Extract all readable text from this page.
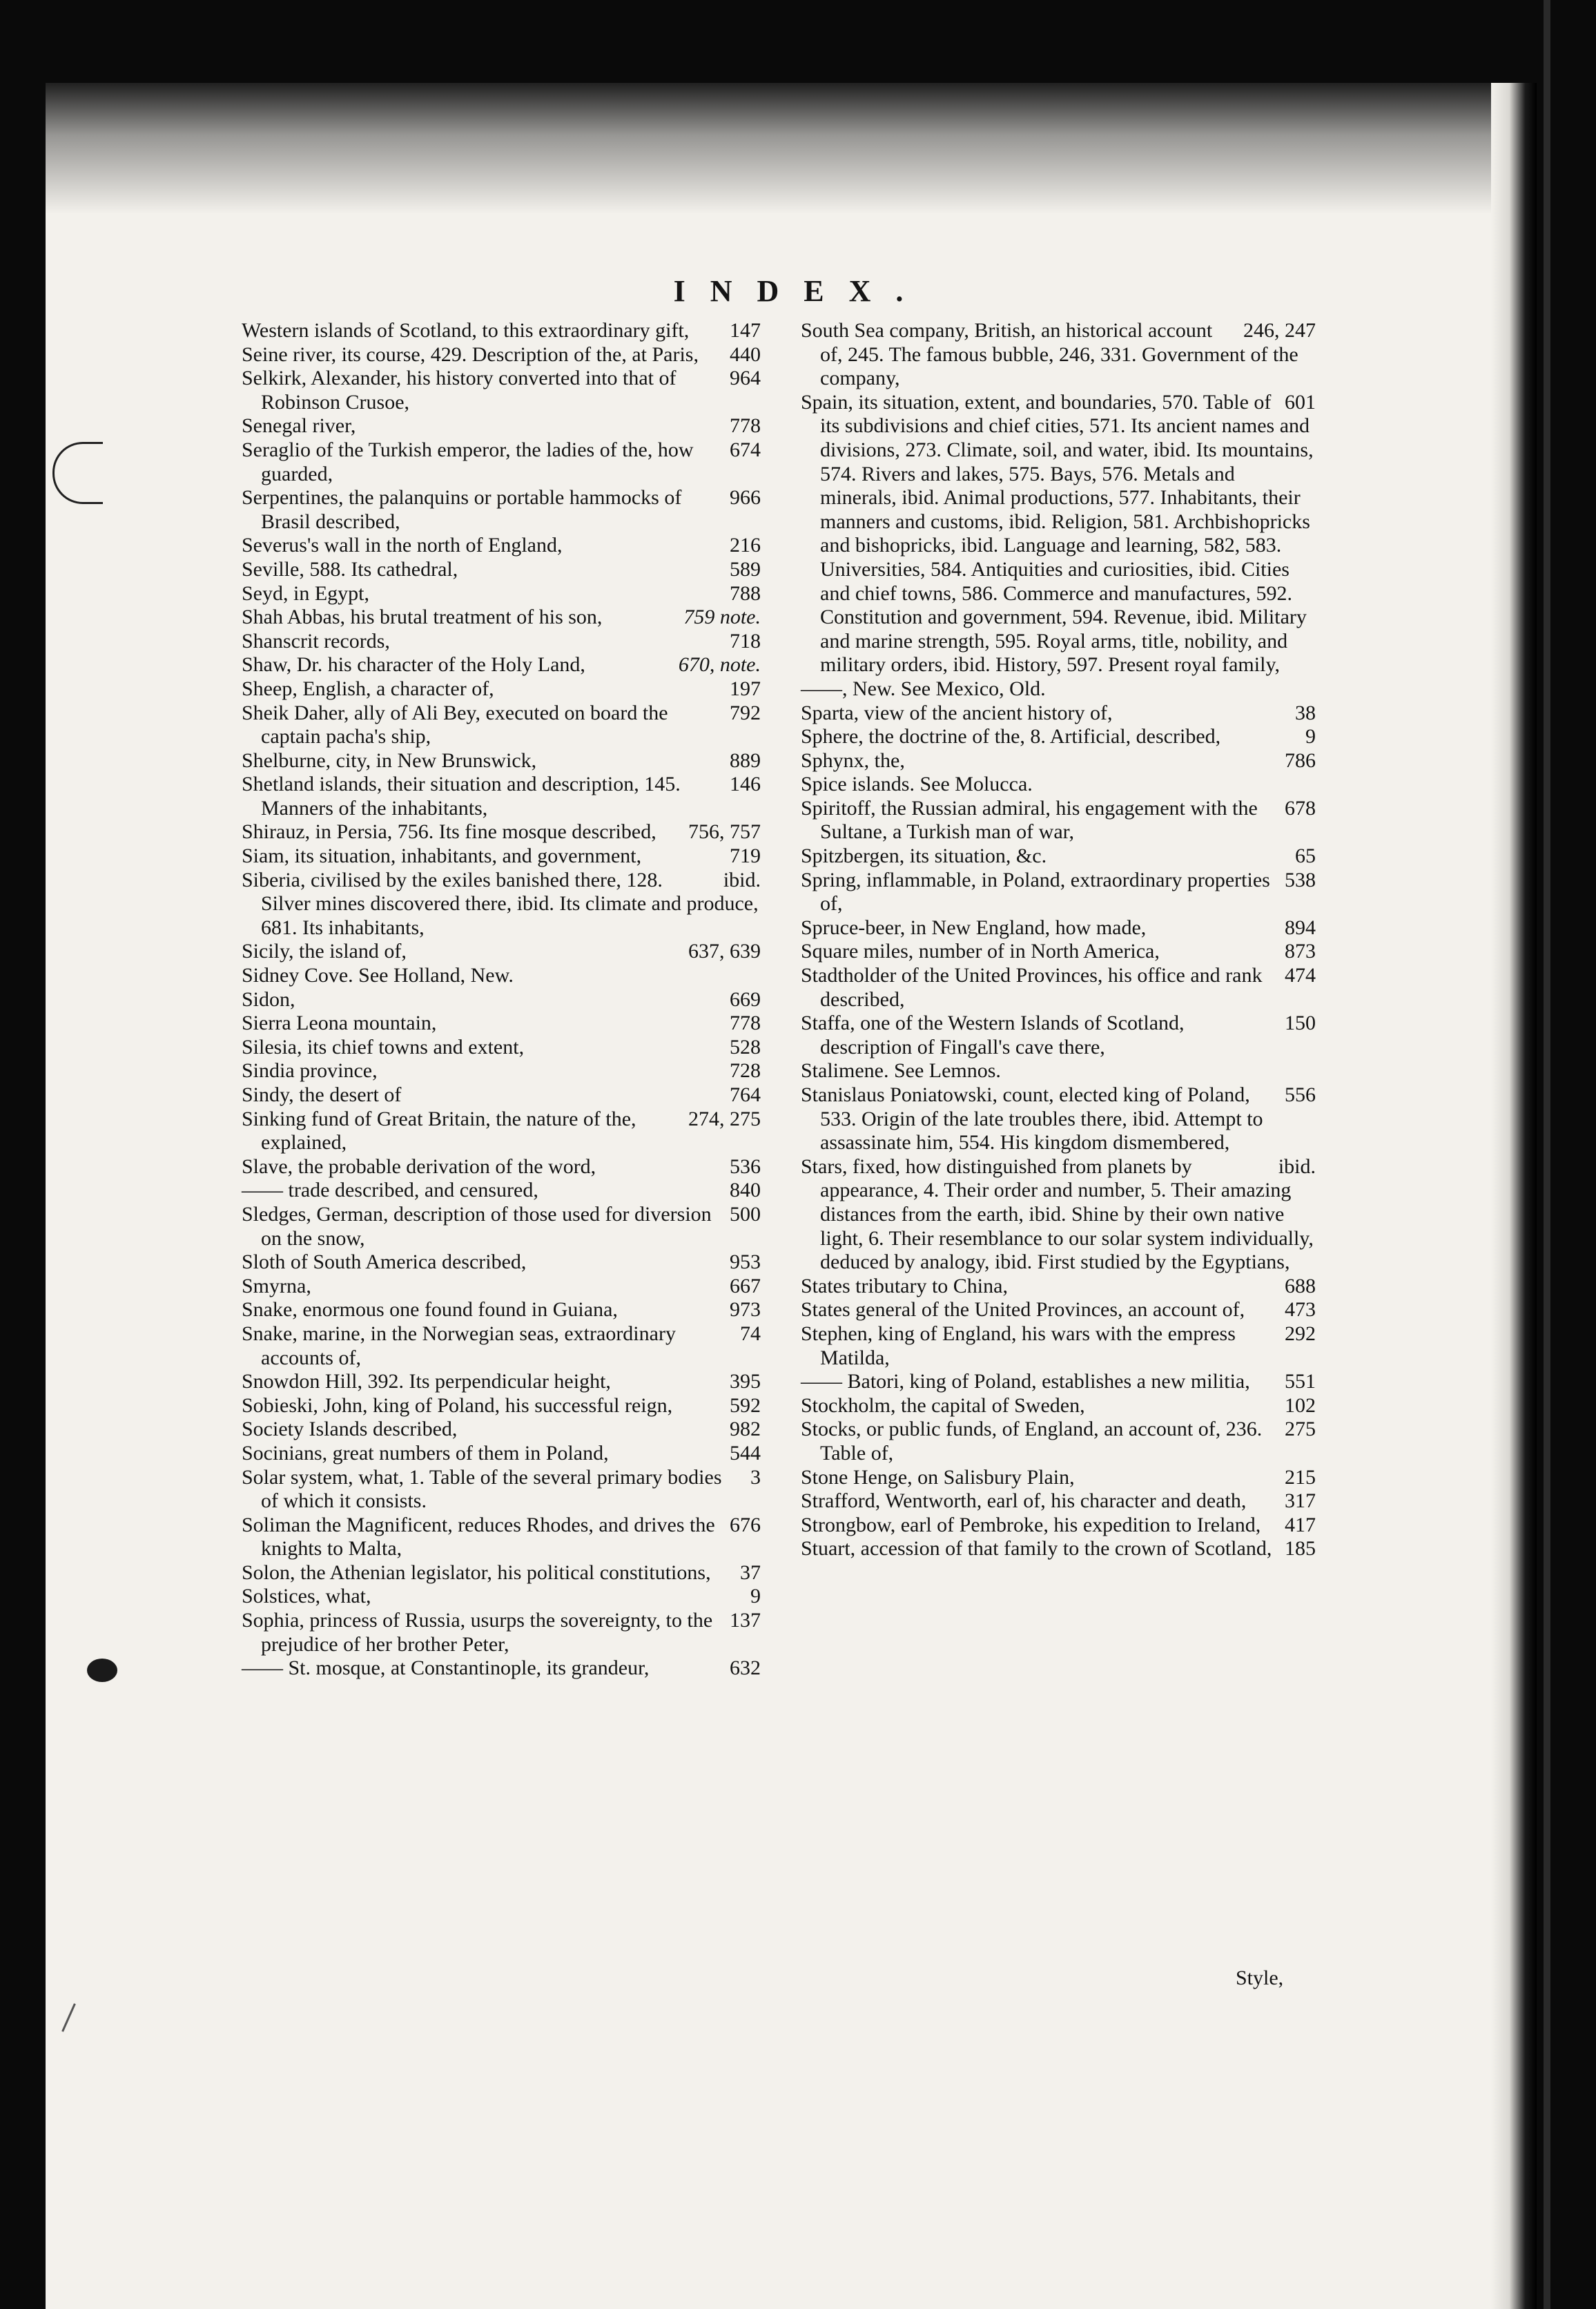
INDEX.

147
Western islands of Scotland, to this extraordinary gift,

440
Seine river, its course, 429. Description of the, at Paris,

964
Selkirk, Alexander, his history converted into that of Robinson Crusoe,

778
Senegal river,

674
Seraglio of the Turkish emperor, the ladies of the, how guarded,

966
Serpentines, the palanquins or portable hammocks of Brasil described,

216
Severus's wall in the north of England,

589
Seville, 588. Its cathedral,

788
Seyd, in Egypt,

759 note.
Shah Abbas, his brutal treatment of his son,

718
Shanscrit records,

670, note.
Shaw, Dr. his character of the Holy Land,

197
Sheep, English, a character of,

792
Sheik Daher, ally of Ali Bey, executed on board the captain pacha's ship,

889
Shelburne, city, in New Brunswick,

146
Shetland islands, their situation and description, 145. Manners of the inhabitants,

756, 757
Shirauz, in Persia, 756. Its fine mosque described,

719
Siam, its situation, inhabitants, and government,

ibid.
Siberia, civilised by the exiles banished there, 128. Silver mines discovered there, ibid. Its climate and produce, 681. Its inhabitants,

637, 639
Sicily, the island of,

Sidney Cove. See Holland, New.

669
Sidon,

778
Sierra Leona mountain,

528
Silesia, its chief towns and extent,

728
Sindia province,

764
Sindy, the desert of

274, 275
Sinking fund of Great Britain, the nature of the, explained,

536
Slave, the probable derivation of the word,

840
—— trade described, and censured,

500
Sledges, German, description of those used for diversion on the snow,

953
Sloth of South America described,

667
Smyrna,

973
Snake, enormous one found found in Guiana,

74
Snake, marine, in the Norwegian seas, extraordinary accounts of,

395
Snowdon Hill, 392. Its perpendicular height,

592
Sobieski, John, king of Poland, his successful reign,

982
Society Islands described,

544
Socinians, great numbers of them in Poland,

3
Solar system, what, 1. Table of the several primary bodies of which it consists.

676
Soliman the Magnificent, reduces Rhodes, and drives the knights to Malta,

37
Solon, the Athenian legislator, his political constitutions,

9
Solstices, what,

137
Sophia, princess of Russia, usurps the sovereignty, to the prejudice of her brother Peter,

632
—— St. mosque, at Constantinople, its grandeur,

246, 247
South Sea company, British, an historical account of, 245. The famous bubble, 246, 331. Government of the company,

601
Spain, its situation, extent, and boundaries, 570. Table of its subdivisions and chief cities, 571. Its ancient names and divisions, 273. Climate, soil, and water, ibid. Its mountains, 574. Rivers and lakes, 575. Bays, 576. Metals and minerals, ibid. Animal productions, 577. Inhabitants, their manners and customs, ibid. Religion, 581. Archbishopricks and bishopricks, ibid. Language and learning, 582, 583. Universities, 584. Antiquities and curiosities, ibid. Cities and chief towns, 586. Commerce and manufactures, 592. Constitution and government, 594. Revenue, ibid. Military and marine strength, 595. Royal arms, title, nobility, and military orders, ibid. History, 597. Present royal family,

——, New. See Mexico, Old.

38
Sparta, view of the ancient history of,

9
Sphere, the doctrine of the, 8. Artificial, described,

786
Sphynx, the,

Spice islands. See Molucca.

678
Spiritoff, the Russian admiral, his engagement with the Sultane, a Turkish man of war,

65
Spitzbergen, its situation, &c.

538
Spring, inflammable, in Poland, extraordinary properties of,

894
Spruce-beer, in New England, how made,

873
Square miles, number of in North America,

474
Stadtholder of the United Provinces, his office and rank described,

150
Staffa, one of the Western Islands of Scotland, description of Fingall's cave there,

Stalimene. See Lemnos.

556
Stanislaus Poniatowski, count, elected king of Poland, 533. Origin of the late troubles there, ibid. Attempt to assassinate him, 554. His kingdom dismembered,

ibid.
Stars, fixed, how distinguished from planets by appearance, 4. Their order and number, 5. Their amazing distances from the earth, ibid. Shine by their own native light, 6. Their resemblance to our solar system individually, deduced by analogy, ibid. First studied by the Egyptians,

688
States tributary to China,

473
States general of the United Provinces, an account of,

292
Stephen, king of England, his wars with the empress Matilda,

551
—— Batori, king of Poland, establishes a new militia,

102
Stockholm, the capital of Sweden,

275
Stocks, or public funds, of England, an account of, 236. Table of,

215
Stone Henge, on Salisbury Plain,

317
Strafford, Wentworth, earl of, his character and death,

417
Strongbow, earl of Pembroke, his expedition to Ireland,

185
Stuart, accession of that family to the crown of Scotland,

Style,
